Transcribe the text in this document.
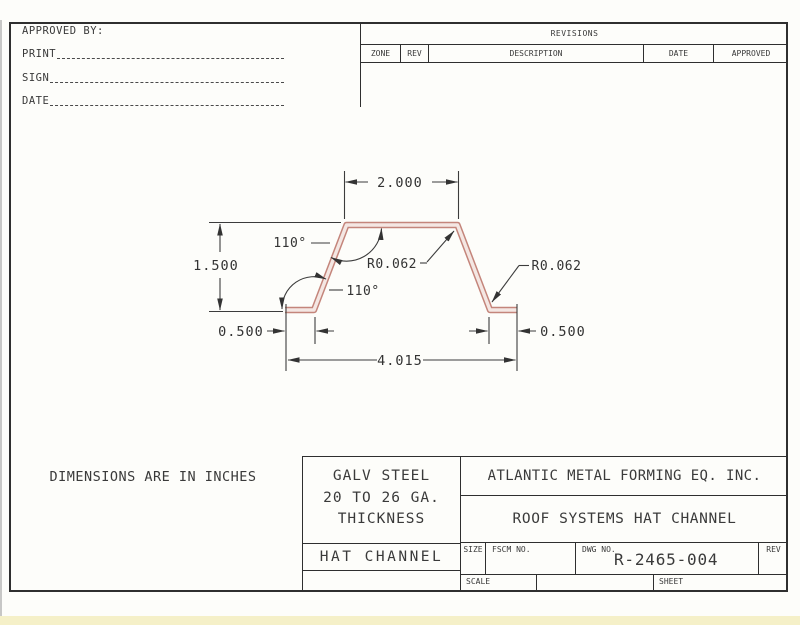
APPROVED BY:
PRINT
SIGN
DATE
REVISIONS
ZONE	REV	DESCRIPTION	DATE	APPROVED
2.000
1.500
0.500	0.500
4.015
110°
110°
R0.062	R0.062
DIMENSIONS ARE IN INCHES	GALV STEEL
20 TO 26 GA.
THICKNESS
HAT CHANNEL
ATLANTIC METAL FORMING EQ. INC.
ROOF SYSTEMS HAT CHANNEL
SIZE	FSCM NO.	DWG NO.
R-2465-004
REV
SCALE	SHEET
